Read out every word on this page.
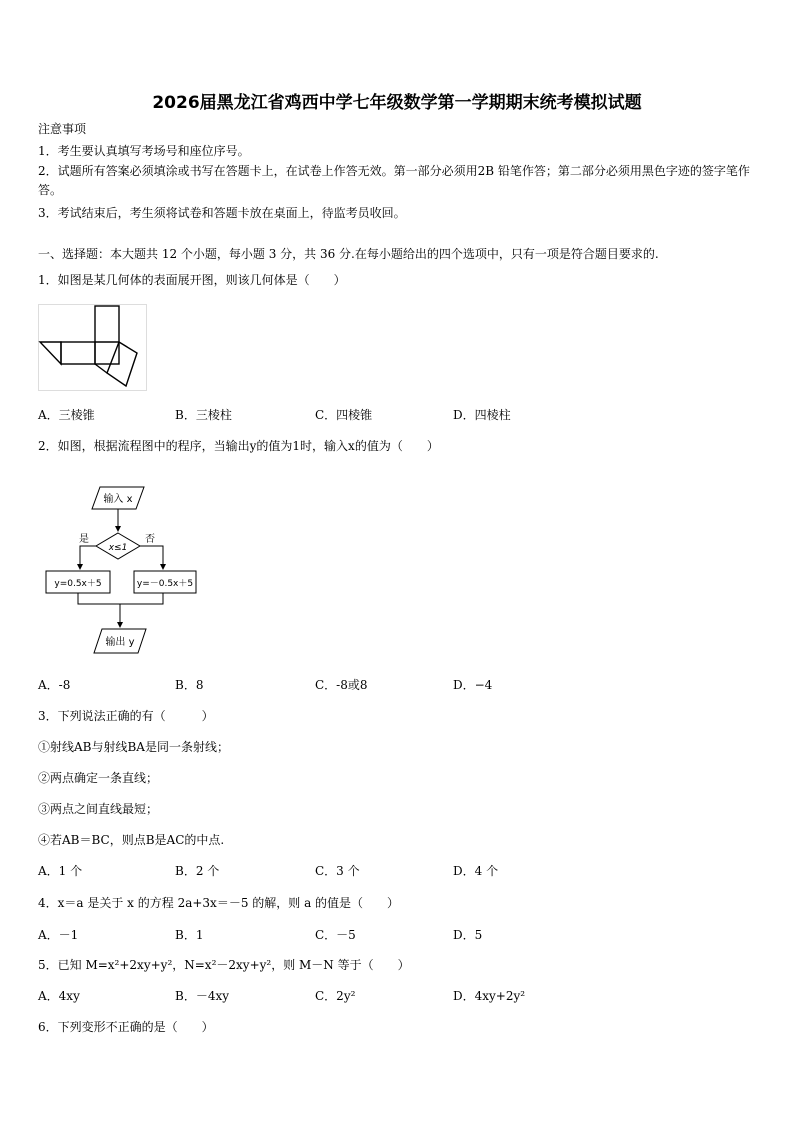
2026届黑龙江省鸡西中学七年级数学第一学期期末统考模拟试题
注意事项
1．考生要认真填写考场号和座位序号。
2．试题所有答案必须填涂或书写在答题卡上，在试卷上作答无效。第一部分必须用2B 铅笔作答；第二部分必须用黑色字迹的签字笔作答。
3．考试结束后，考生须将试卷和答题卡放在桌面上，待监考员收回。
一、选择题：本大题共 12 个小题，每小题 3 分，共 36 分.在每小题给出的四个选项中，只有一项是符合题目要求的.
1．如图是某几何体的表面展开图，则该几何体是（　　）
A．三棱锥	B．三棱柱	C．四棱锥	D．四棱柱
2．如图，根据流程图中的程序，当输出y的值为1时，输入x的值为（　　）
输入 x
x≤1
是	否
y=0.5x＋5	y=－0.5x＋5
输出 y
A．-8	B．8	C．-8或8	D．−4
3．下列说法正确的有（　　　）
①射线AB与射线BA是同一条射线；
②两点确定一条直线；
③两点之间直线最短；
④若AB＝BC，则点B是AC的中点.
A．1 个	B．2 个	C．3 个	D．4 个
4．x＝a 是关于 x 的方程 2a+3x＝－5 的解，则 a 的值是（　　）
A．－1	B．1	C．－5	D．5
5．已知 M=x²+2xy+y²，N=x²－2xy+y²，则 M－N 等于（　　）
A．4xy	B．－4xy	C．2y²	D．4xy+2y²
6．下列变形不正确的是（　　）
